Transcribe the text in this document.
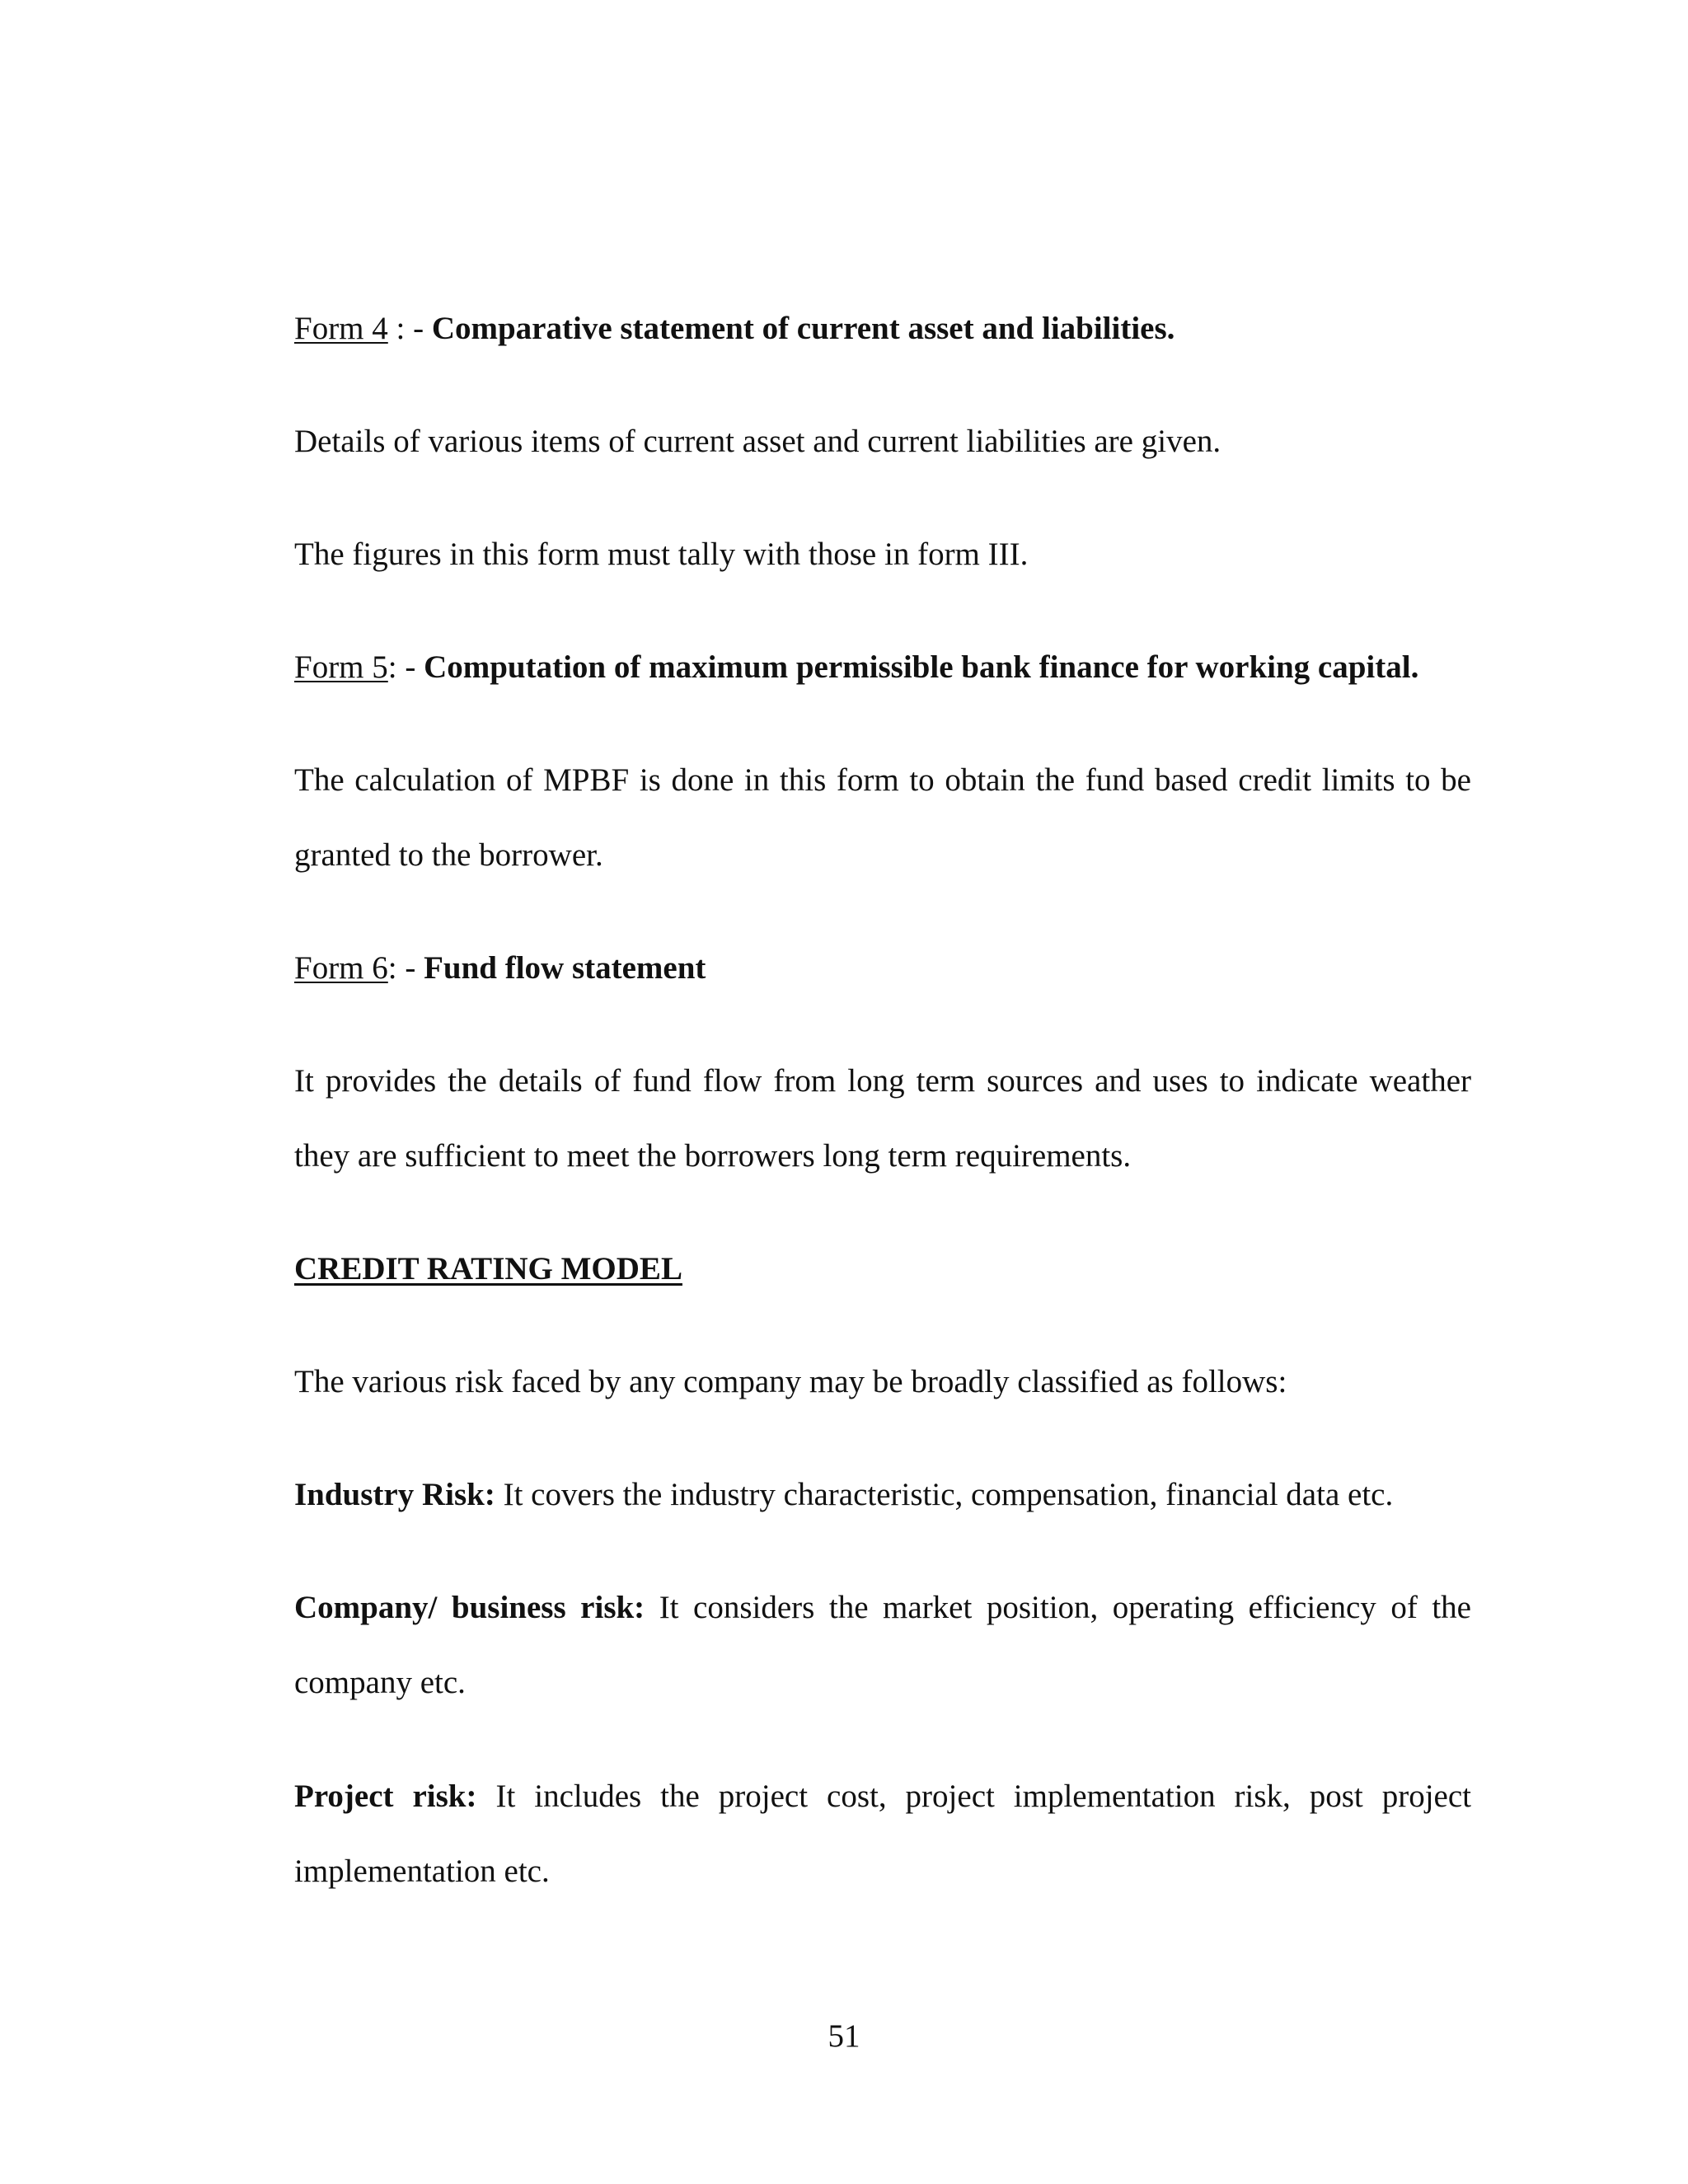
Form 4 : - Comparative statement of current asset and liabilities.
Details of various items of current asset and current liabilities are given.
The figures in this form must tally with those in form III.
Form 5: - Computation of maximum permissible bank finance for working capital.
The calculation of MPBF is done in this form to obtain the fund based credit limits to be
granted to the borrower.
Form 6: - Fund flow statement
It provides the details of fund flow from long term sources and uses to indicate weather
they are sufficient to meet the borrowers long term requirements.
CREDIT RATING MODEL
The various risk faced by any company may be broadly classified as follows:
Industry Risk: It covers the industry characteristic, compensation, financial data etc.
Company/ business risk: It considers the market position, operating efficiency of the
company etc.
Project risk: It includes the project cost, project implementation risk, post project
implementation etc.
51
